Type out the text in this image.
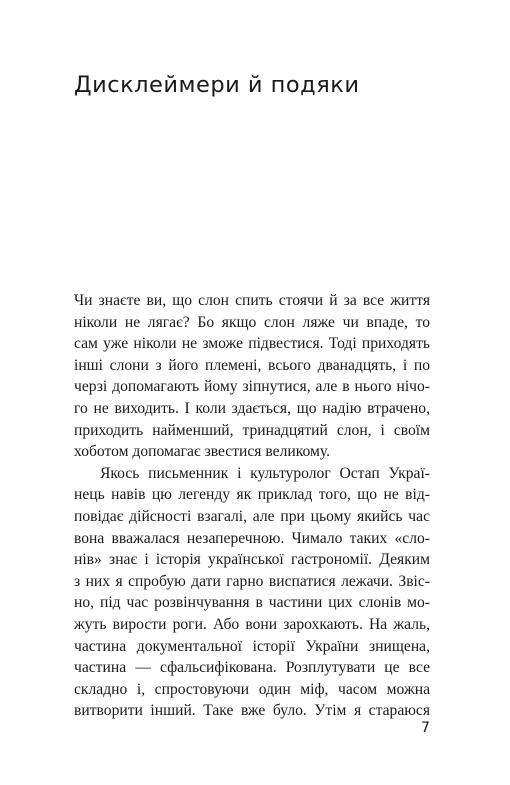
Дисклеймери й подяки
Чи знаєте ви, що слон спить стоячи й за все життя
ніколи не лягає? Бо якщо слон ляже чи впаде, то
сам уже ніколи не зможе підвестися. Тоді приходять
інші слони з його племені, всього дванадцять, і по
черзі допомагають йому зіпнутися, але в нього нічо-
го не виходить. І коли здається, що надію втрачено,
приходить найменший, тринадцятий слон, і своїм
хоботом допомагає звестися великому.
Якось письменник і культуролог Остап Украї-
нець навів цю легенду як приклад того, що не від-
повідає дійсності взагалі, але при цьому якийсь час
вона вважалася незаперечною. Чимало таких «сло-
нів» знає і історія української гастрономії. Деяким
з них я спробую дати гарно виспатися лежачи. Звіс-
но, під час розвінчування в частини цих слонів мо-
жуть вирости роги. Або вони зарохкають. На жаль,
частина документальної історії України знищена,
частина — сфальсифікована. Розплутувати це все
складно і, спростовуючи один міф, часом можна
витворити інший. Таке вже було. Утім я стараюся
7
